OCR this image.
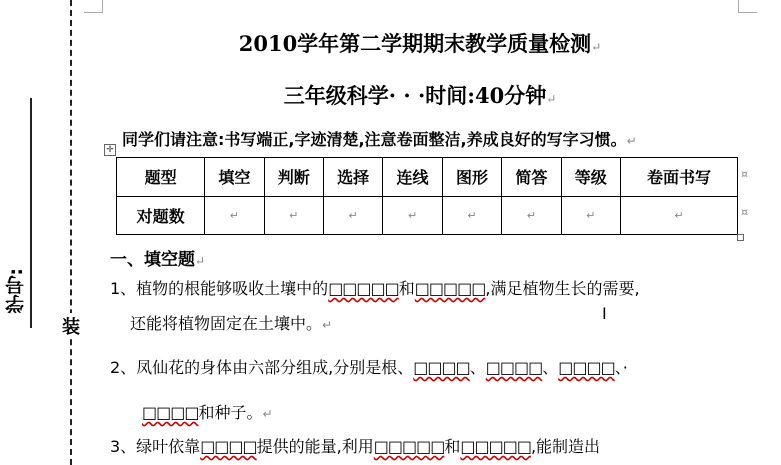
学号:
装
2010学年第二学期期末教学质量检测↵
三年级科学· · ·时间:40分钟↵
同学们请注意:书写端正,字迹清楚,注意卷面整洁,养成良好的写字习惯。↵
✛
题型	填空	判断	选择	连线	图形	简答	等级	卷面书写
对题数	↵	↵	↵	↵	↵	↵	↵	↵
¤
¤
一、填空题↵
1、植物的根能够吸收土壤中的□□□□□和□□□□□,满足植物生长的需要,
还能将植物固定在土壤中。↵
2、凤仙花的身体由六部分组成,分别是根、□□□□、□□□□、□□□□、·
□□□□和种子。↵
3、绿叶依靠□□□□提供的能量,利用□□□□□和□□□□□,能制造出
I
